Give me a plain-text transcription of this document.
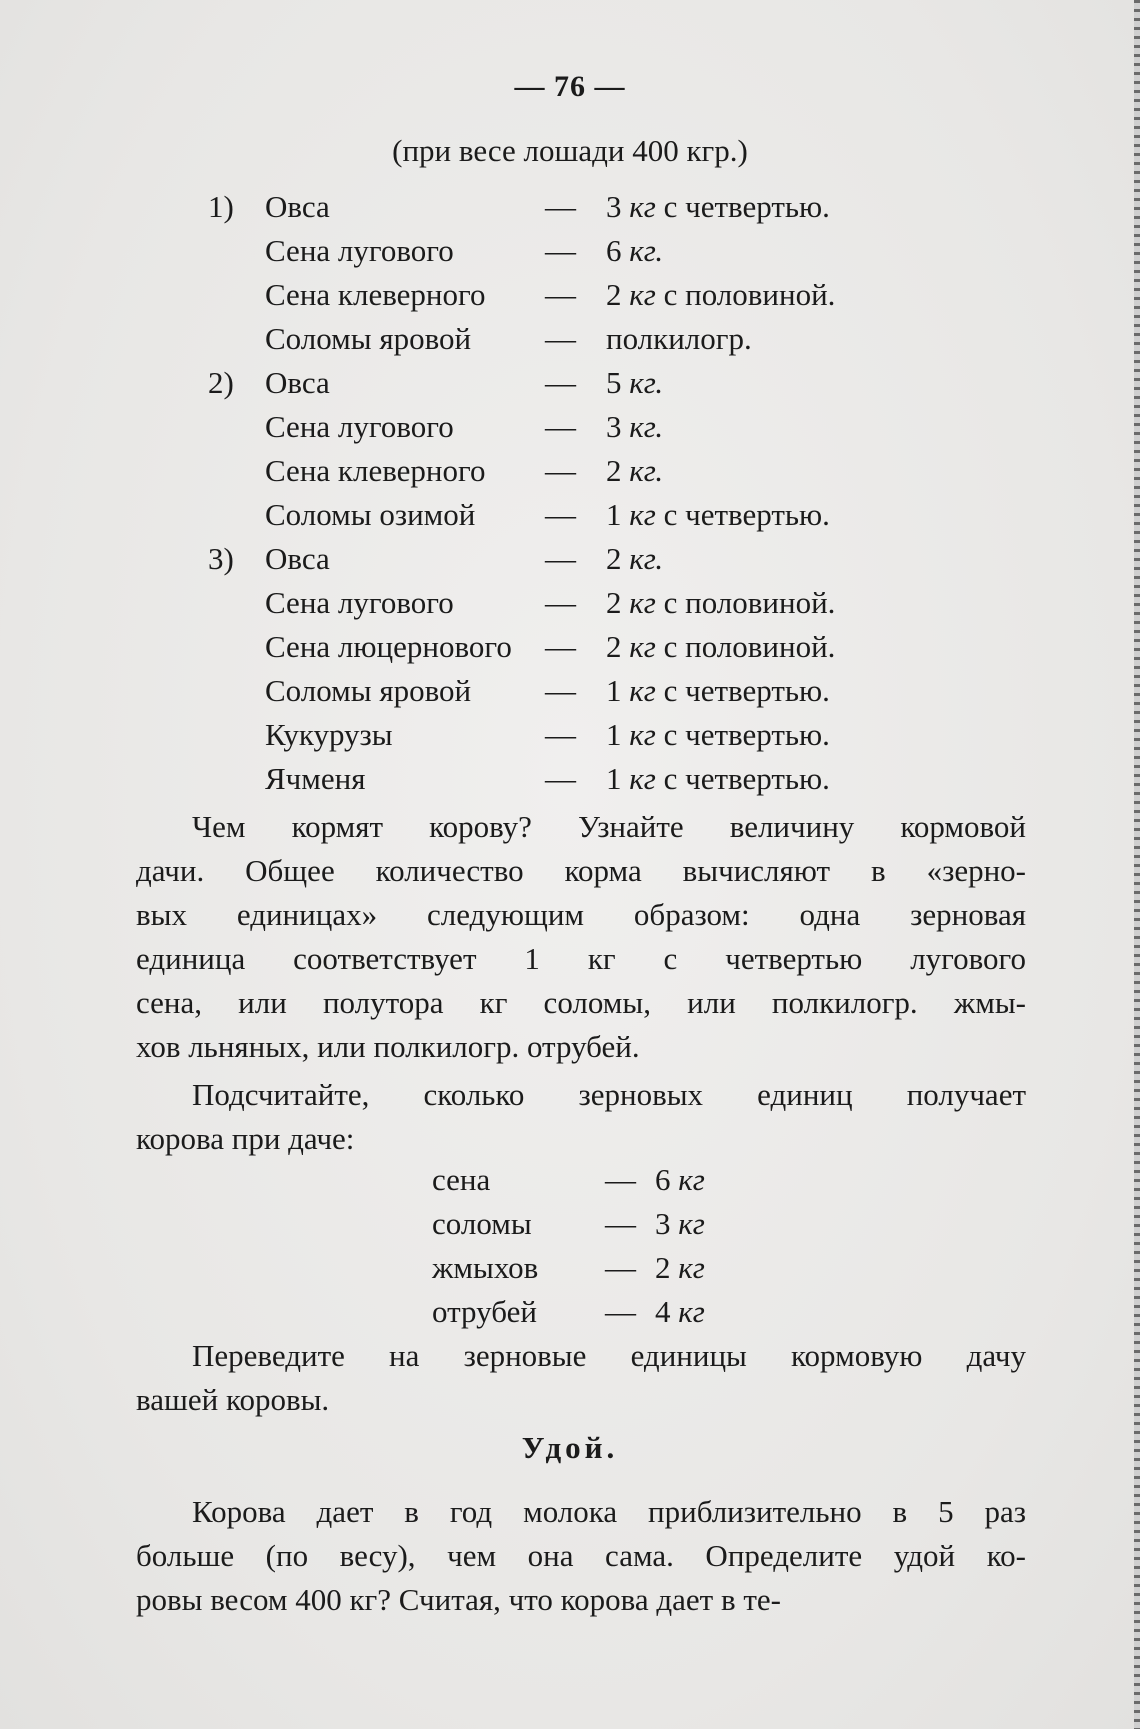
— 76 —
(при весе лошади 400 кгр.)
1) Овса	— 3 кг с четвертью.
Сена лугового	— 6 кг.
Сена клеверного — 2 кг с половиной.
Соломы яровой — полкилогр.
2) Овса	— 5 кг.
Сена лугового	— 3 кг.
Сена клеверного — 2 кг.
Соломы озимой — 1 кг с четвертью.
3) Овса	— 2 кг.
Сена лугового	— 2 кг с половиной.
Сена люцернового — 2 кг с половиной.
Соломы яровой — 1 кг с четвертью.
Кукурузы	— 1 кг с четвертью.
Ячменя	— 1 кг с четвертью.
Чем кормят корову? Узнайте величину кормовой
дачи. Общее количество корма вычисляют в «зерно-
вых единицах» следующим образом: одна зерновая
единица соответствует 1 кг с четвертью лугового
сена, или полутора кг соломы, или полкилогр. жмы-
хов льняных, или полкилогр. отрубей.
Подсчитайте, сколько зерновых единиц получает
корова при даче:
сена	— 6 кг
соломы — 3 кг
жмыхов — 2 кг
отрубей — 4 кг
Переведите на зерновые единицы кормовую дачу
вашей коровы.
Удой.
Корова дает в год молока приблизительно в 5 раз
больше (по весу), чем она сама. Определите удой ко-
ровы весом 400 кг? Считая, что корова дает в те-
